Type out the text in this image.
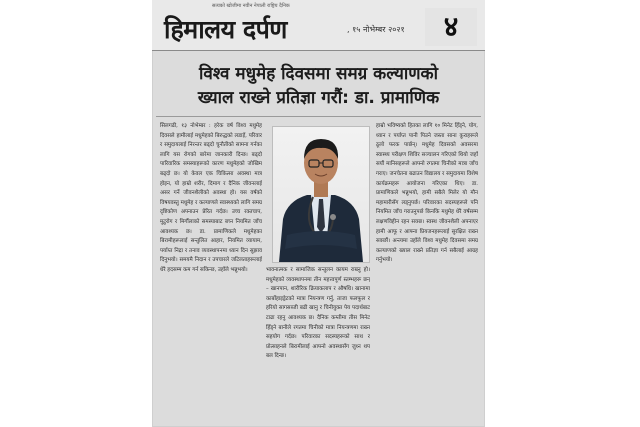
सत्यको खोजीमा नवीन नेपाली राष्ट्रिय दैनिक
हिमालय दर्पण	, १५ नोभेम्बर २०२१	४
विश्व मधुमेह दिवसमा समग्र कल्याणको
ख्याल राख्ने प्रतिज्ञा गरौं: डा. प्रामाणिक
सिलगढी, १३ नोभेम्बर : हरेक वर्ष विश्व मधुमेह दिवसले हामीलाई मधुमेहको बिरुद्धको लडाइँ, परिवार र समुदायलाई निरन्तर बढ्दो चुनौतीको सामना गर्नका लागि यस रोगको बारेमा जानकारी दिन्छ। बढ्दो पारिवारिक समस्याहरूको कारण मधुमेहको जोखिम बढ्दो छ। यो केवल एक चिकित्सा अवस्था मात्र होइन, यो हाम्रो शरीर, दिमाग र दैनिक जीवनलाई असर गर्ने जीवनशैलीको अवस्था हो। यस वर्षको विषयवस्तु मधुमेह र कल्याणले स्वास्थ्यको लागि समग्र दृष्टिकोण अपनाउन प्रेरित गर्दछ। उच्च रक्तचाप, मुटुरोग र मिर्गौलाको समस्याबाट बच्न नियमित जाँच आवश्यक छ। डा. प्रामाणिकले मधुमेहका बिरामीहरूलाई सन्तुलित आहार, नियमित व्यायाम, पर्याप्त निद्रा र तनाव व्यवस्थापनमा ध्यान दिन सुझाव दिनुभयो। समयमै निदान र उपचारले जटिलताहरूलाई धेरै हदसम्म कम गर्न सकिन्छ, उहाँले भन्नुभयो।	भावनात्मक र सामाजिक सन्तुलन कायम राख्नु हो। मधुमेहको व्यवस्थापनमा तीन महत्त्वपूर्ण स्तम्भहरू छन् – खानपान, शारीरिक क्रियाकलाप र औषधि। खानामा कार्बोहाइड्रेटको मात्रा नियन्त्रण गर्नु, ताजा फलफूल र हरियो सागसब्जी बढी खानु र चिनीयुक्त पेय पदार्थबाट टाढा रहनु आवश्यक छ। दैनिक कम्तीमा तीस मिनेट हिँड्ने बानीले रगतमा चिनीको मात्रा नियन्त्रणमा राख्न सहयोग गर्दछ। परिवारका सदस्यहरूको साथ र प्रोत्साहनले बिरामीलाई आफ्नो अवस्थासँग जुध्न थप बल दिन्छ।
हाम्रो भविष्यको हितका लागि १० मिनेट हिँड्ने, योग, ध्यान र पर्याप्त पानी पिउने जस्ता साना कुराहरूले ठूलो फरक पार्छन्। मधुमेह दिवसको अवसरमा स्वास्थ्य परीक्षण शिविर सञ्चालन गरिएको थियो जहाँ सयौं मानिसहरूले आफ्नो रगतमा चिनीको मात्रा जाँच गराए। जनचेतना बढाउन विद्यालय र समुदायमा विशेष कार्यक्रमहरू आयोजना गरिएका थिए। डा. प्रामाणिकले भन्नुभयो, हामी सबैले मिलेर यो मौन महामारीसँग लड्नुपर्छ। परिवारका सदस्यहरूले पनि नियमित जाँच गराउनुपर्छ किनकि मधुमेह धेरै वर्षसम्म लक्षणविहीन रहन सक्छ। स्वस्थ जीवनशैली अपनाएर हामी आफू र आफ्ना प्रियजनहरूलाई सुरक्षित राख्न सक्छौं। अन्त्यमा उहाँले विश्व मधुमेह दिवसमा समग्र कल्याणको ख्याल राख्ने प्रतिज्ञा गर्न सबैलाई आग्रह गर्नुभयो।
